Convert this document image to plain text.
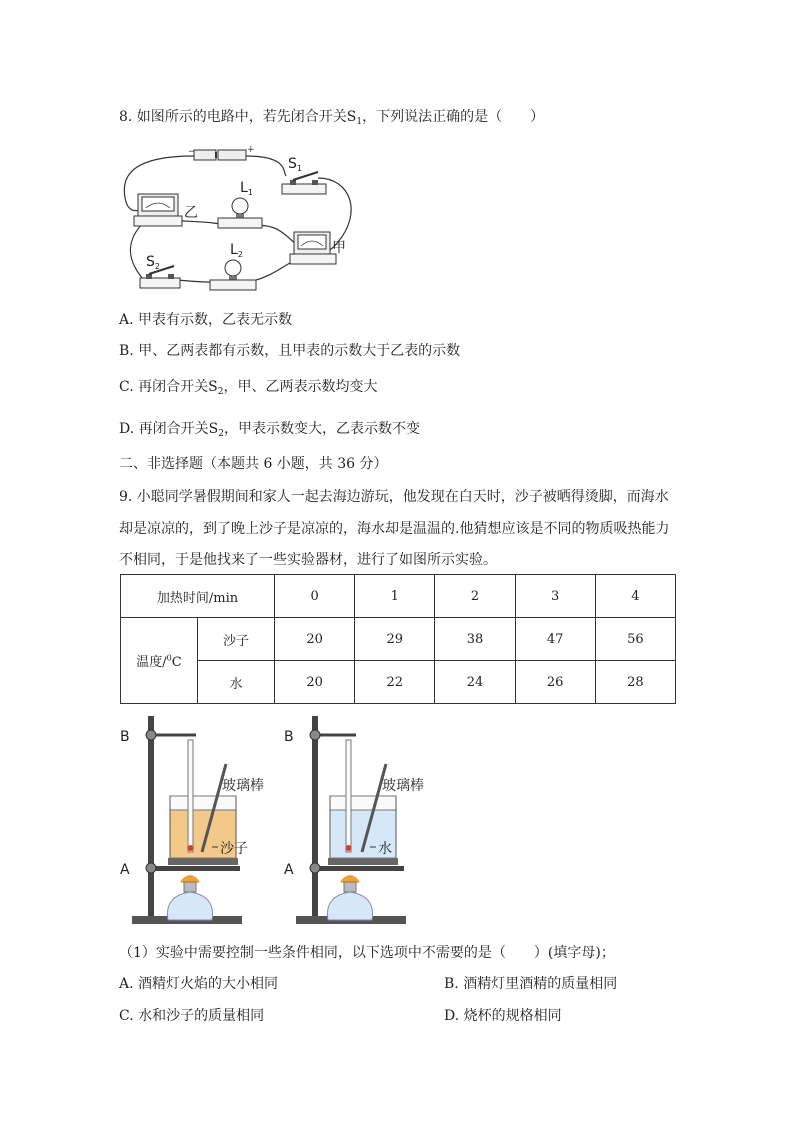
8. 如图所示的电路中，若先闭合开关$S_1$，下列说法正确的是（　　）
−	+
$S_1$
乙
$L_1$
甲
$S_2$
$L_2$
A. 甲表有示数，乙表无示数
B. 甲、乙两表都有示数，且甲表的示数大于乙表的示数
C. 再闭合开关$S_2$，甲、乙两表示数均变大
D. 再闭合开关$S_2$，甲表示数变大，乙表示数不变
二、非选择题（本题共 6 小题，共 36 分）
9. 小聪同学暑假期间和家人一起去海边游玩，他发现在白天时，沙子被晒得烫脚，而海水
却是凉凉的，到了晚上沙子是凉凉的，海水却是温温的.他猜想应该是不同的物质吸热能力
不相同，于是他找来了一些实验器材，进行了如图所示实验。
加热时间/min		0	1	2	3	4
温度/$^0$C	沙子	20	29	38	47	56
	水	20	22	24	26	28
B
A
玻璃棒
沙子
B
A
玻璃棒
水
（1）实验中需要控制一些条件相同，以下选项中不需要的是（　　）(填字母)；
A. 酒精灯火焰的大小相同	B. 酒精灯里酒精的质量相同
C. 水和沙子的质量相同	D. 烧杯的规格相同
